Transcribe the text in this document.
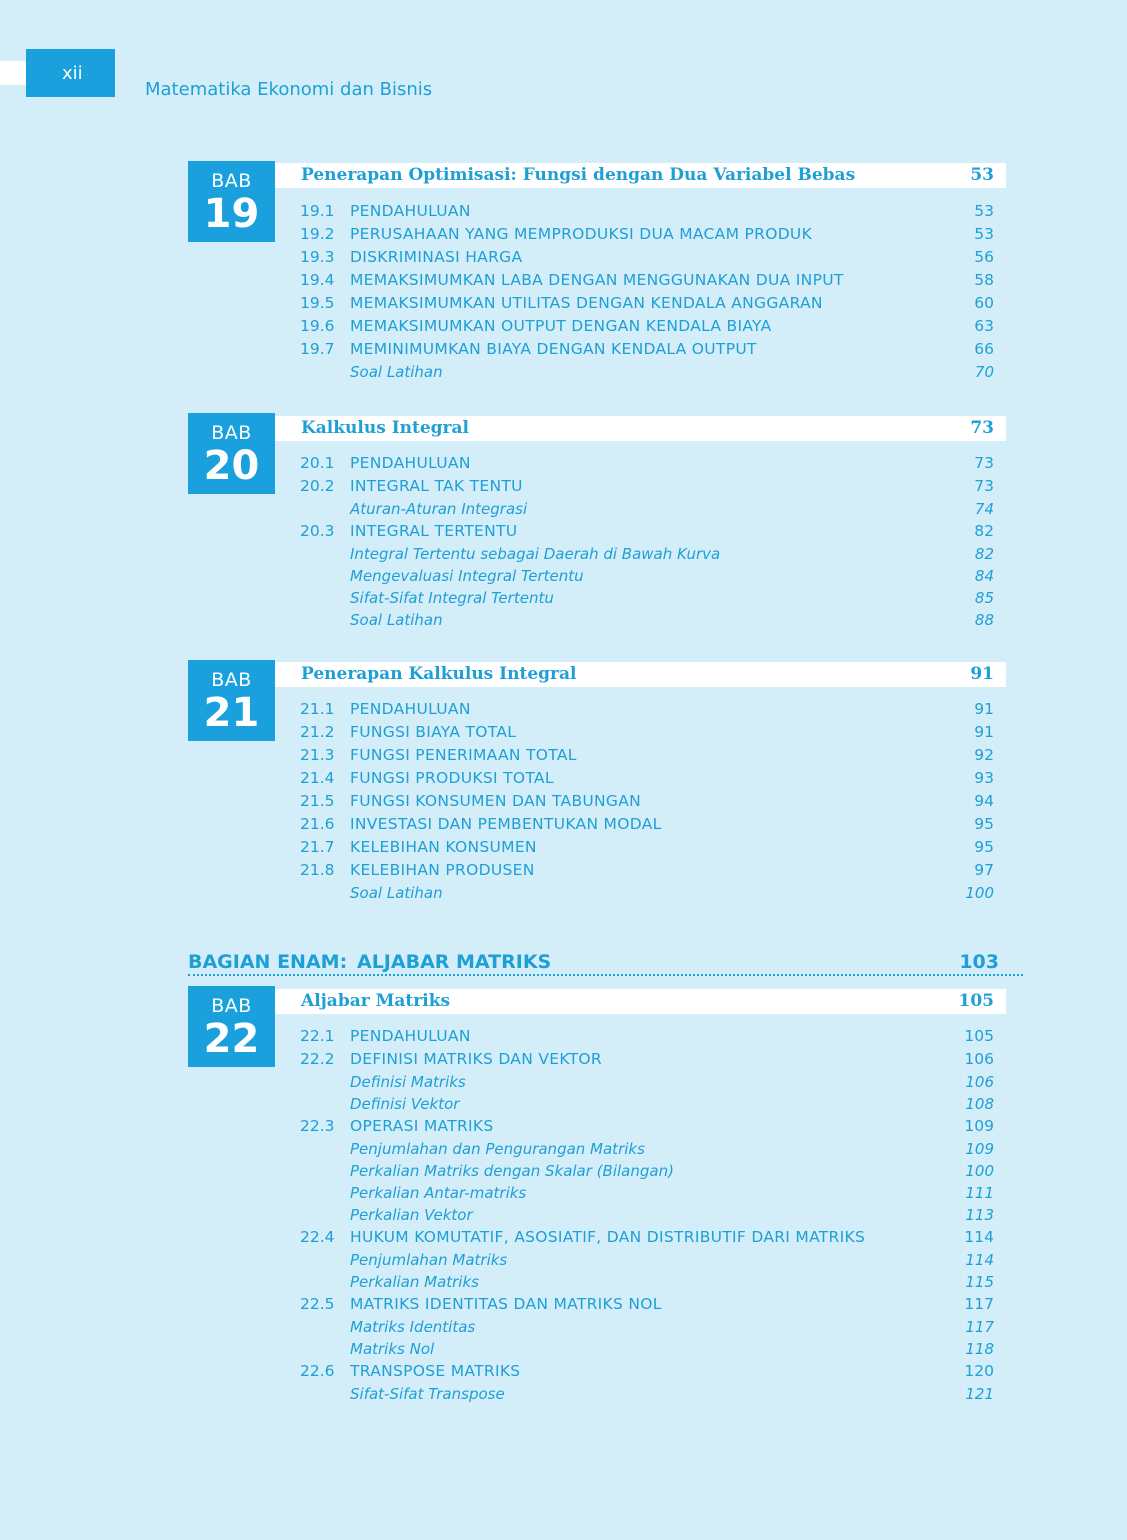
xii
Matematika Ekonomi dan Bisnis
BAB
19
Penerapan Optimisasi: Fungsi dengan Dua Variabel Bebas	53
19.1 PENDAHULUAN	53
19.2 PERUSAHAAN YANG MEMPRODUKSI DUA MACAM PRODUK	53
19.3 DISKRIMINASI HARGA	56
19.4 MEMAKSIMUMKAN LABA DENGAN MENGGUNAKAN DUA INPUT	58
19.5 MEMAKSIMUMKAN UTILITAS DENGAN KENDALA ANGGARAN	60
19.6 MEMAKSIMUMKAN OUTPUT DENGAN KENDALA BIAYA	63
19.7 MEMINIMUMKAN BIAYA DENGAN KENDALA OUTPUT	66
Soal Latihan	70
BAB
20
Kalkulus Integral	73
20.1 PENDAHULUAN	73
20.2 INTEGRAL TAK TENTU	73
Aturan-Aturan Integrasi	74
20.3 INTEGRAL TERTENTU	82
Integral Tertentu sebagai Daerah di Bawah Kurva	82
Mengevaluasi Integral Tertentu	84
Sifat-Sifat Integral Tertentu	85
Soal Latihan	88
BAB
21
Penerapan Kalkulus Integral	91
21.1 PENDAHULUAN	91
21.2 FUNGSI BIAYA TOTAL	91
21.3 FUNGSI PENERIMAAN TOTAL	92
21.4 FUNGSI PRODUKSI TOTAL	93
21.5 FUNGSI KONSUMEN DAN TABUNGAN	94
21.6 INVESTASI DAN PEMBENTUKAN MODAL	95
21.7 KELEBIHAN KONSUMEN	95
21.8 KELEBIHAN PRODUSEN	97
Soal Latihan	100
BAGIAN ENAM: ALJABAR MATRIKS	103
BAB
22
Aljabar Matriks	105
22.1 PENDAHULUAN	105
22.2 DEFINISI MATRIKS DAN VEKTOR	106
Definisi Matriks	106
Definisi Vektor	108
22.3 OPERASI MATRIKS	109
Penjumlahan dan Pengurangan Matriks	109
Perkalian Matriks dengan Skalar (Bilangan)	100
Perkalian Antar-matriks	111
Perkalian Vektor	113
22.4 HUKUM KOMUTATIF, ASOSIATIF, DAN DISTRIBUTIF DARI MATRIKS	114
Penjumlahan Matriks	114
Perkalian Matriks	115
22.5 MATRIKS IDENTITAS DAN MATRIKS NOL	117
Matriks Identitas	117
Matriks Nol	118
22.6 TRANSPOSE MATRIKS	120
Sifat-Sifat Transpose	121
